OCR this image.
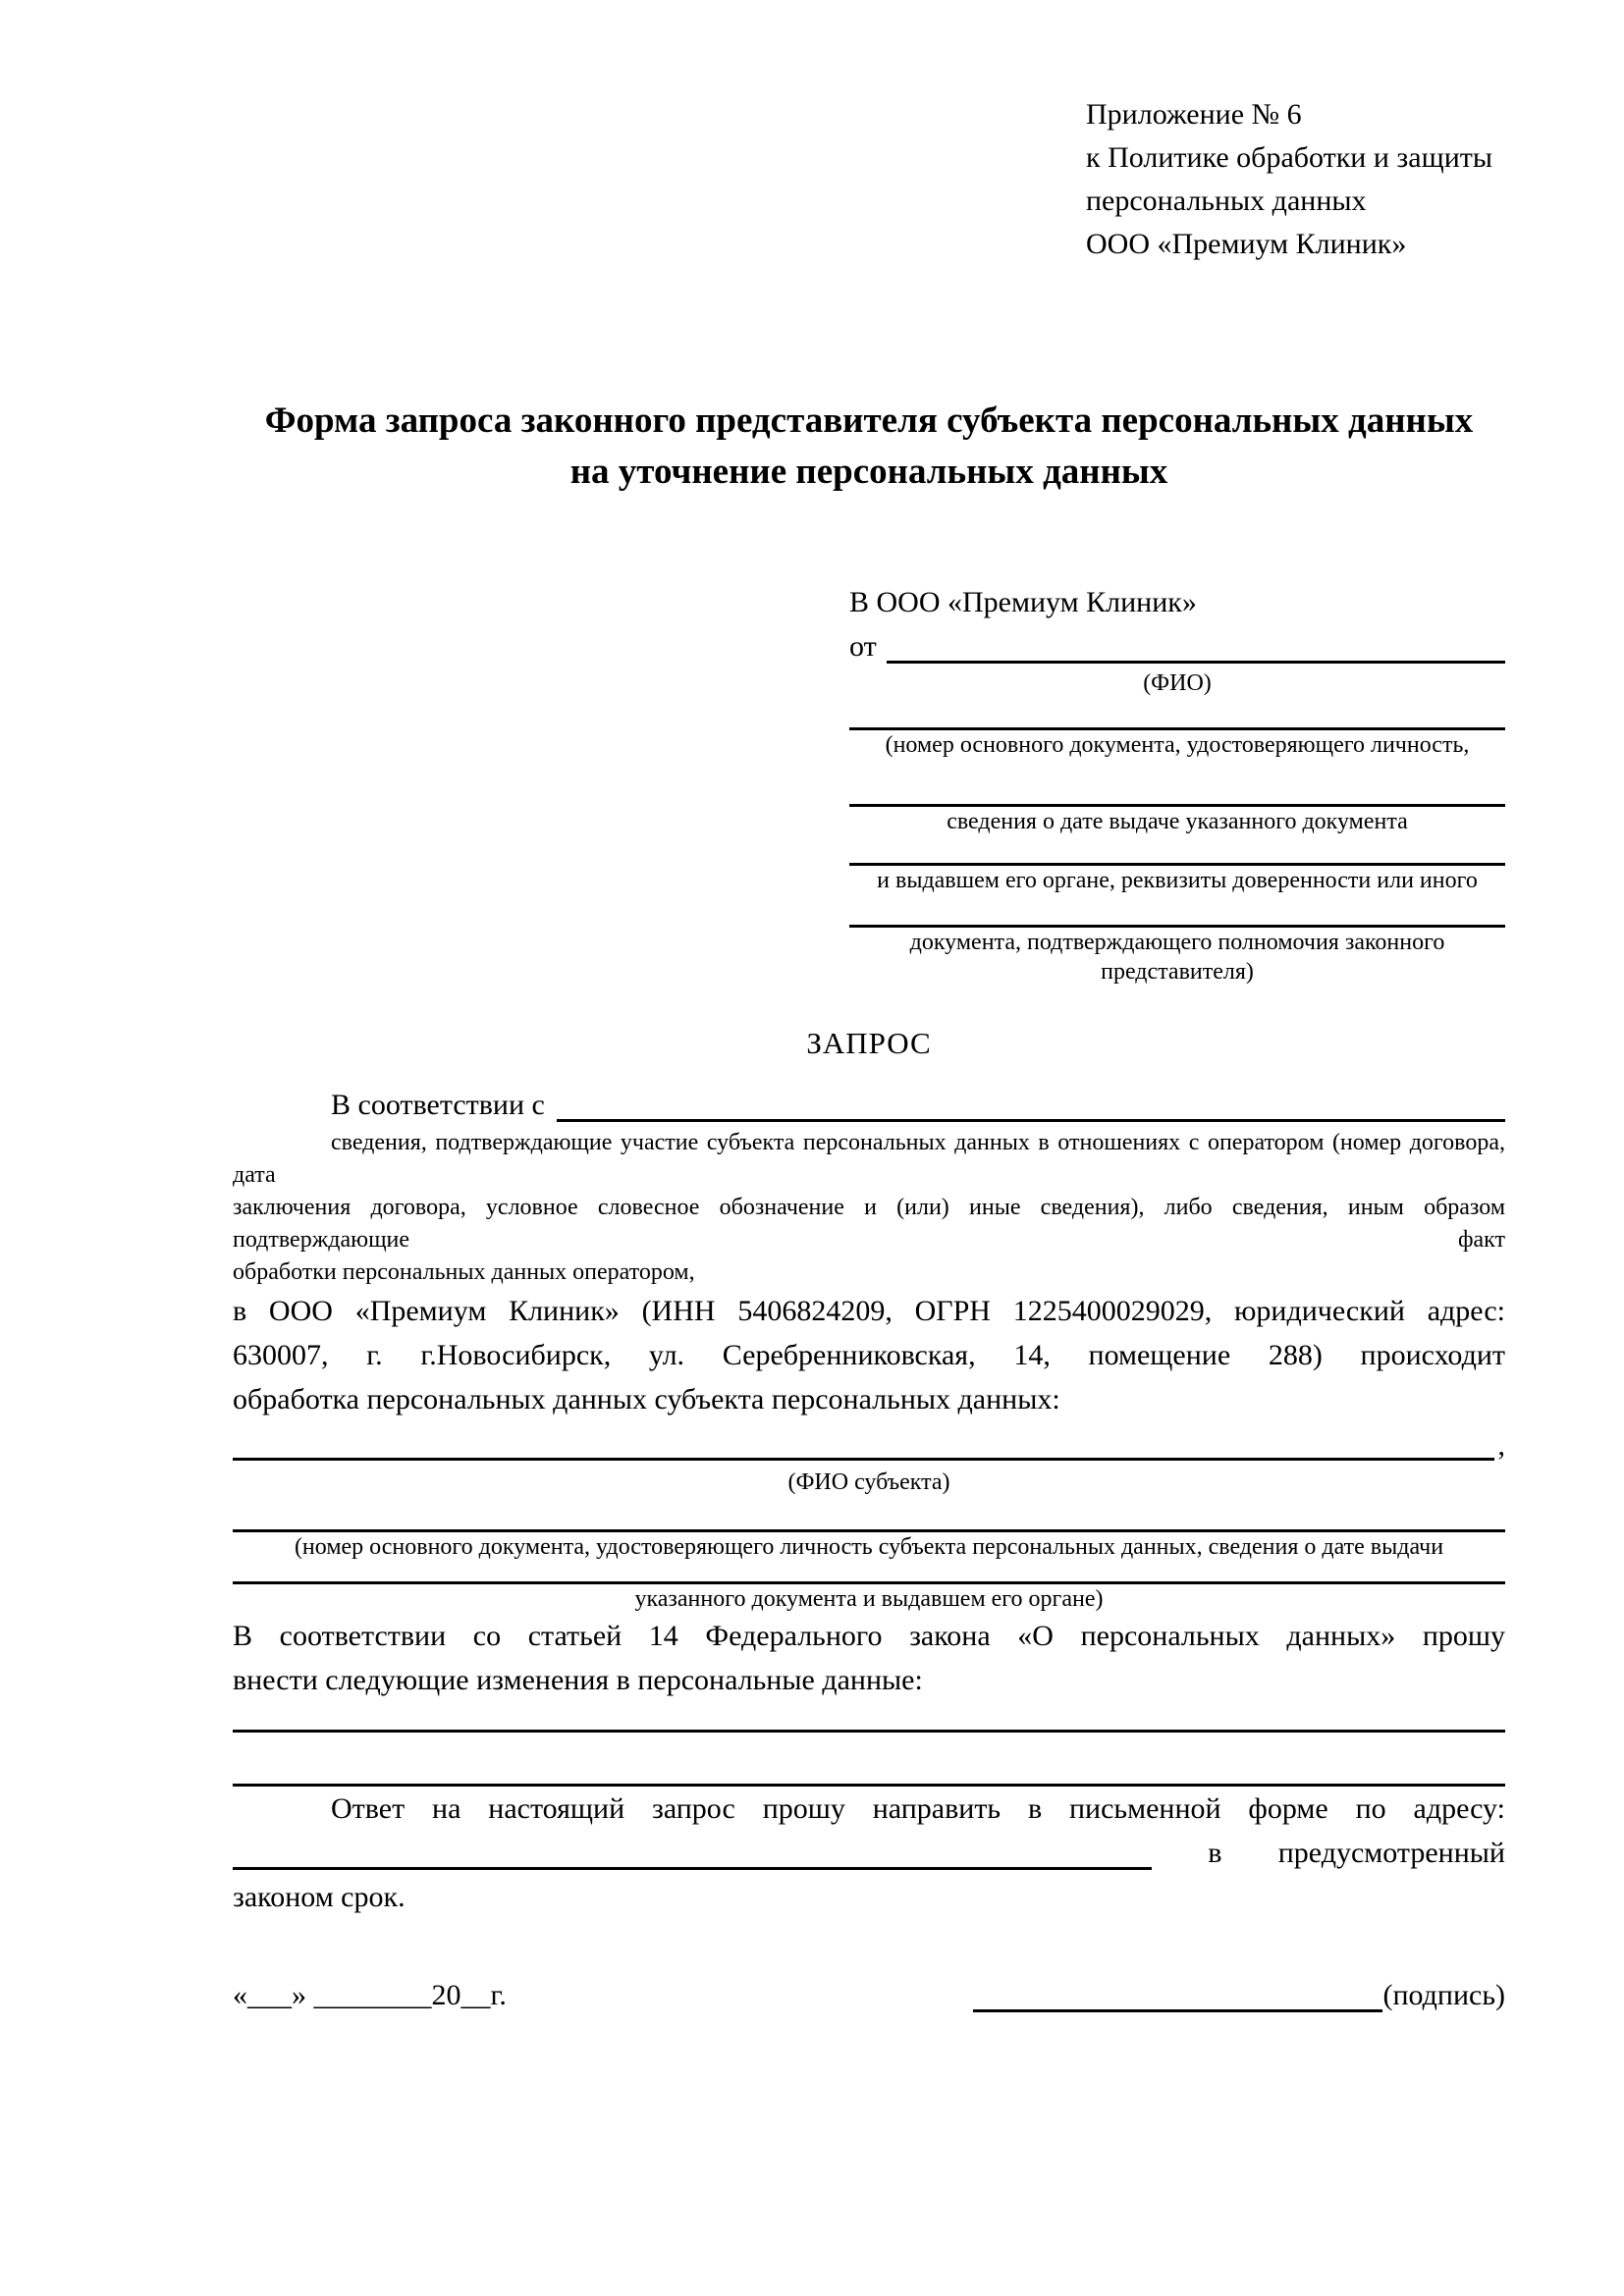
Приложение № 6
к Политике обработки и защиты
персональных данных
ООО «Премиум Клиник»
Форма запроса законного представителя субъекта персональных данных
на уточнение персональных данных
В ООО «Премиум Клиник»
от
(ФИО)
(номер основного документа, удостоверяющего личность,
сведения о дате выдаче указанного документа
и выдавшем его органе, реквизиты доверенности или иного
документа, подтверждающего полномочия законного представителя)
ЗАПРОС
В соответствии с
сведения, подтверждающие участие субъекта персональных данных в отношениях с оператором (номер договора, дата
заключения договора, условное словесное обозначение и (или) иные сведения), либо сведения, иным образом подтверждающие факт
обработки персональных данных оператором,
в ООО «Премиум Клиник» (ИНН 5406824209, ОГРН 1225400029029, юридический адрес:
630007, г. г.Новосибирск, ул. Серебренниковская, 14, помещение 288) происходит
обработка персональных данных субъекта персональных данных:
,
(ФИО субъекта)
(номер основного документа, удостоверяющего личность субъекта персональных данных, сведения о дате выдачи
указанного документа и выдавшем его органе)
В соответствии со статьей 14 Федерального закона «О персональных данных» прошу
внести следующие изменения в персональные данные:
Ответ на настоящий запрос прошу направить в письменной форме по адресу:
в	предусмотренный
законом срок.
«___» ________20__г.	(подпись)
